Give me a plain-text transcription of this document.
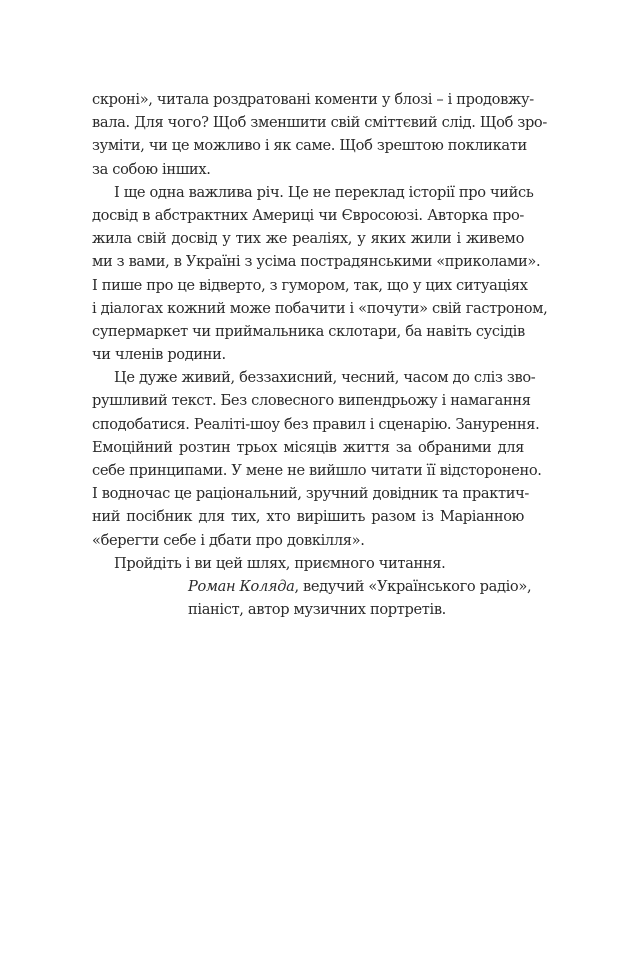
скроні», читала роздратовані коменти у блозі – і продовжу-
вала. Для чого? Щоб зменшити свій сміттєвий слід. Щоб зро-
зуміти, чи це можливо і як саме. Щоб зрештою покликати
за собою інших.
І ще одна важлива річ. Це не переклад історії про чийсь
досвід в абстрактних Америці чи Євросоюзі. Авторка про-
жила свій досвід у тих же реаліях, у яких жили і живемо
ми з вами, в Україні з усіма пострадянськими «приколами».
І пише про це відверто, з гумором, так, що у цих ситуаціях
і діалогах кожний може побачити і «почути» свій гастроном,
супермаркет чи приймальника склотари, ба навіть сусідів
чи членів родини.
Це дуже живий, беззахисний, чесний, часом до сліз зво-
рушливий текст. Без словесного випендрьожу і намагання
сподобатися. Реаліті-шоу без правил і сценарію. Занурення.
Емоційний розтин трьох місяців життя за обраними для
себе принципами. У мене не вийшло читати її відсторонено.
І водночас це раціональний, зручний довідник та практич-
ний посібник для тих, хто вирішить разом із Маріанною
«берегти себе і дбати про довкілля».
Пройдіть і ви цей шлях, приємного читання.
Роман Коляда, ведучий «Українського радіо»,
піаніст, автор музичних портретів.
